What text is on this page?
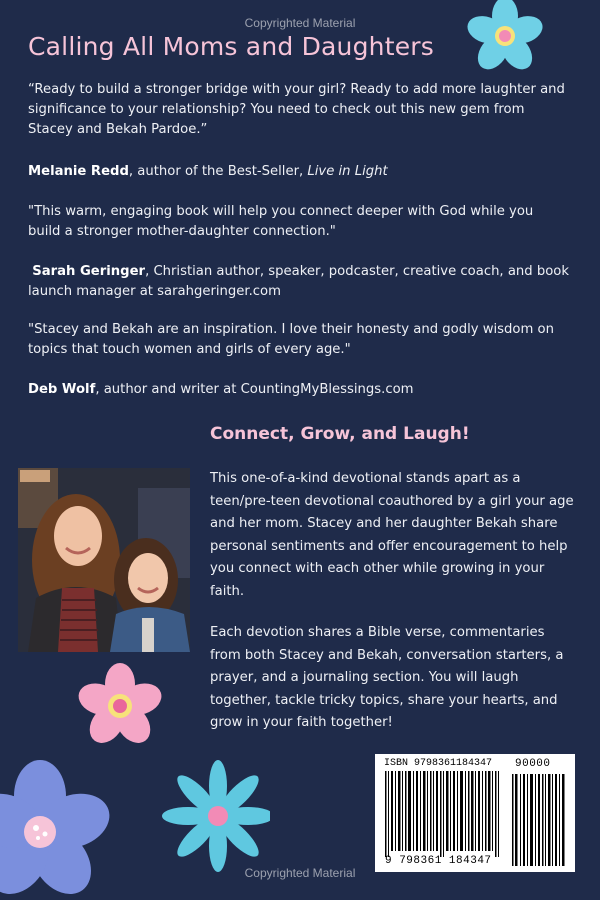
Copyrighted Material
Calling All Moms and Daughters
“Ready to build a stronger bridge with your girl? Ready to add more laughter and significance to your relationship? You need to check out this new gem from Stacey and Bekah Pardoe.”
Melanie Redd, author of the Best-Seller, Live in Light
"This warm, engaging book will help you connect deeper with God while you build a stronger mother-daughter connection."
Sarah Geringer, Christian author, speaker, podcaster, creative coach, and book launch manager at sarahgeringer.com
"Stacey and Bekah are an inspiration. I love their honesty and godly wisdom on topics that touch women and girls of every age."
Deb Wolf, author and writer at CountingMyBlessings.com
Connect, Grow, and Laugh!
This one-of-a-kind devotional stands apart as a teen/pre-teen devotional coauthored by a girl your age and her mom. Stacey and her daughter Bekah share personal sentiments and offer encouragement to help you connect with each other while growing in your faith.
Each devotion shares a Bible verse, commentaries from both Stacey and Bekah, conversation starters, a prayer, and a journaling section. You will laugh together, tackle tricky topics, share your hearts, and grow in your faith together!
ISBN 9798361184347 90000
9 798361 184347
Copyrighted Material
